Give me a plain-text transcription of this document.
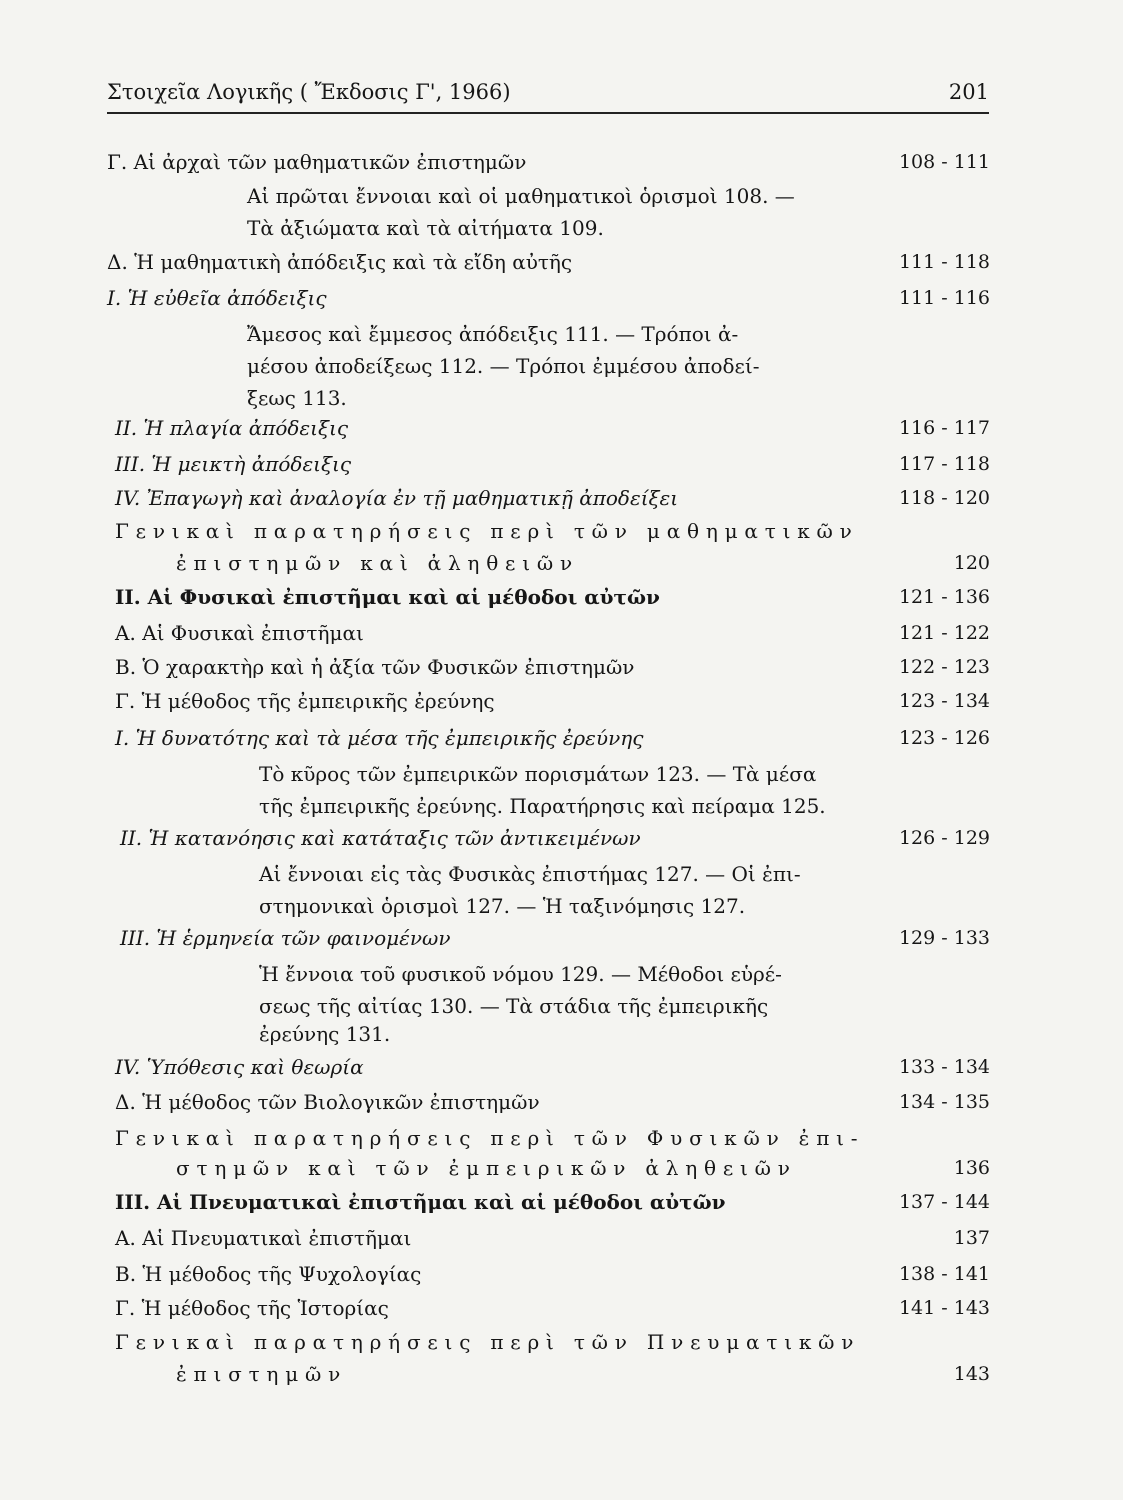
Στοιχεῖα Λογικῆς ( Ἔκδοσις Γ', 1966)	201
Γ. Αἱ ἀρχαὶ τῶν μαθηματικῶν ἐπιστημῶν	108 - 111
Αἱ πρῶται ἔννοιαι καὶ οἱ μαθηματικοὶ ὁρισμοὶ 108. —
Τὰ ἀξιώματα καὶ τὰ αἰτήματα 109.
Δ. Ἡ μαθηματικὴ ἀπόδειξις καὶ τὰ εἴδη αὐτῆς	111 - 118
I. Ἡ εὐθεῖα ἀπόδειξις	111 - 116
Ἄμεσος καὶ ἔμμεσος ἀπόδειξις 111. — Τρόποι ἀ-
μέσου ἀποδείξεως 112. — Τρόποι ἐμμέσου ἀποδεί-
ξεως 113.
II. Ἡ πλαγία ἀπόδειξις	116 - 117
III. Ἡ μεικτὴ ἀπόδειξις	117 - 118
IV. Ἐπαγωγὴ καὶ ἀναλογία ἐν τῇ μαθηματικῇ ἀποδείξει	118 - 120
Γενικαὶ παρατηρήσεις περὶ τῶν μαθηματικῶν
ἐπιστημῶν καὶ ἀληθειῶν	120
II. Αἱ Φυσικαὶ ἐπιστῆμαι καὶ αἱ μέθοδοι αὐτῶν	121 - 136
Α. Αἱ Φυσικαὶ ἐπιστῆμαι	121 - 122
Β. Ὁ χαρακτὴρ καὶ ἡ ἀξία τῶν Φυσικῶν ἐπιστημῶν	122 - 123
Γ. Ἡ μέθοδος τῆς ἐμπειρικῆς ἐρεύνης	123 - 134
I. Ἡ δυνατότης καὶ τὰ μέσα τῆς ἐμπειρικῆς ἐρεύνης	123 - 126
Τὸ κῦρος τῶν ἐμπειρικῶν πορισμάτων 123. — Τὰ μέσα
τῆς ἐμπειρικῆς ἐρεύνης. Παρατήρησις καὶ πείραμα 125.
II. Ἡ κατανόησις καὶ κατάταξις τῶν ἀντικειμένων	126 - 129
Αἱ ἔννοιαι εἰς τὰς Φυσικὰς ἐπιστήμας 127. — Οἱ ἐπι-
στημονικαὶ ὁρισμοὶ 127. — Ἡ ταξινόμησις 127.
III. Ἡ ἑρμηνεία τῶν φαινομένων	129 - 133
Ἡ ἔννοια τοῦ φυσικοῦ νόμου 129. — Μέθοδοι εὑρέ-
σεως τῆς αἰτίας 130. — Τὰ στάδια τῆς ἐμπειρικῆς
ἐρεύνης 131.
IV. Ὑπόθεσις καὶ θεωρία	133 - 134
Δ. Ἡ μέθοδος τῶν Βιολογικῶν ἐπιστημῶν	134 - 135
Γενικαὶ παρατηρήσεις περὶ τῶν Φυσικῶν ἐπι-
στημῶν καὶ τῶν ἐμπειρικῶν ἀληθειῶν	136
III. Αἱ Πνευματικαὶ ἐπιστῆμαι καὶ αἱ μέθοδοι αὐτῶν	137 - 144
Α. Αἱ Πνευματικαὶ ἐπιστῆμαι	137
Β. Ἡ μέθοδος τῆς Ψυχολογίας	138 - 141
Γ. Ἡ μέθοδος τῆς Ἱστορίας	141 - 143
Γενικαὶ παρατηρήσεις περὶ τῶν Πνευματικῶν
ἐπιστημῶν	143
